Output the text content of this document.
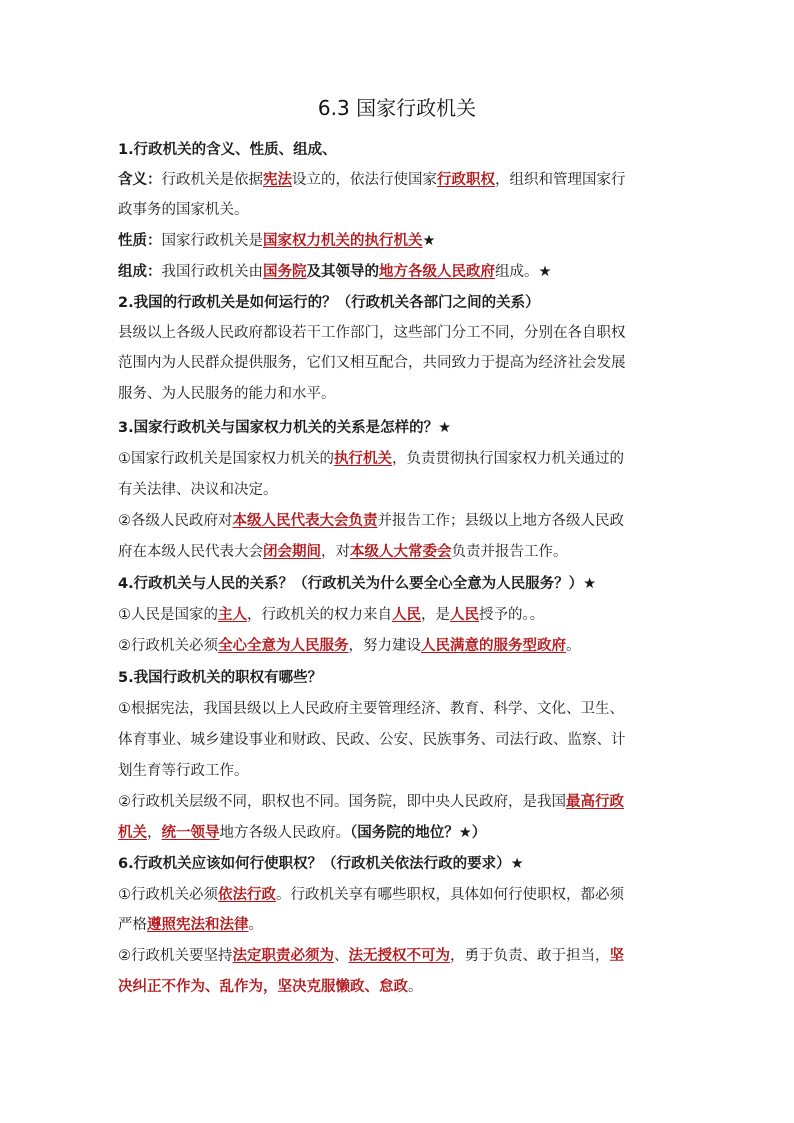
6.3 国家行政机关
1.行政机关的含义、性质、组成、
含义：行政机关是依据宪法设立的，依法行使国家行政职权，组织和管理国家行
政事务的国家机关。
性质：国家行政机关是国家权力机关的执行机关★
组成：我国行政机关由国务院及其领导的地方各级人民政府组成。★
2.我国的行政机关是如何运行的？（行政机关各部门之间的关系）
县级以上各级人民政府都设若干工作部门，这些部门分工不同，分别在各自职权
范围内为人民群众提供服务，它们又相互配合，共同致力于提高为经济社会发展
服务、为人民服务的能力和水平。
3.国家行政机关与国家权力机关的关系是怎样的？★
①国家行政机关是国家权力机关的执行机关，负责贯彻执行国家权力机关通过的
有关法律、决议和决定。
②各级人民政府对本级人民代表大会负责并报告工作；县级以上地方各级人民政
府在本级人民代表大会闭会期间，对本级人大常委会负责并报告工作。
4.行政机关与人民的关系？（行政机关为什么要全心全意为人民服务？）★
①人民是国家的主人，行政机关的权力来自人民，是人民授予的。。
②行政机关必须全心全意为人民服务，努力建设人民满意的服务型政府。
5.我国行政机关的职权有哪些？
①根据宪法，我国县级以上人民政府主要管理经济、教育、科学、文化、卫生、
体育事业、城乡建设事业和财政、民政、公安、民族事务、司法行政、监察、计
划生育等行政工作。
②行政机关层级不同，职权也不同。国务院，即中央人民政府，是我国最高行政
机关，统一领导地方各级人民政府。（国务院的地位？★）
6.行政机关应该如何行使职权？（行政机关依法行政的要求）★
①行政机关必须依法行政。行政机关享有哪些职权，具体如何行使职权，都必须
严格遵照宪法和法律。
②行政机关要坚持法定职责必须为、法无授权不可为，勇于负责、敢于担当，坚
决纠正不作为、乱作为，坚决克服懒政、怠政。
